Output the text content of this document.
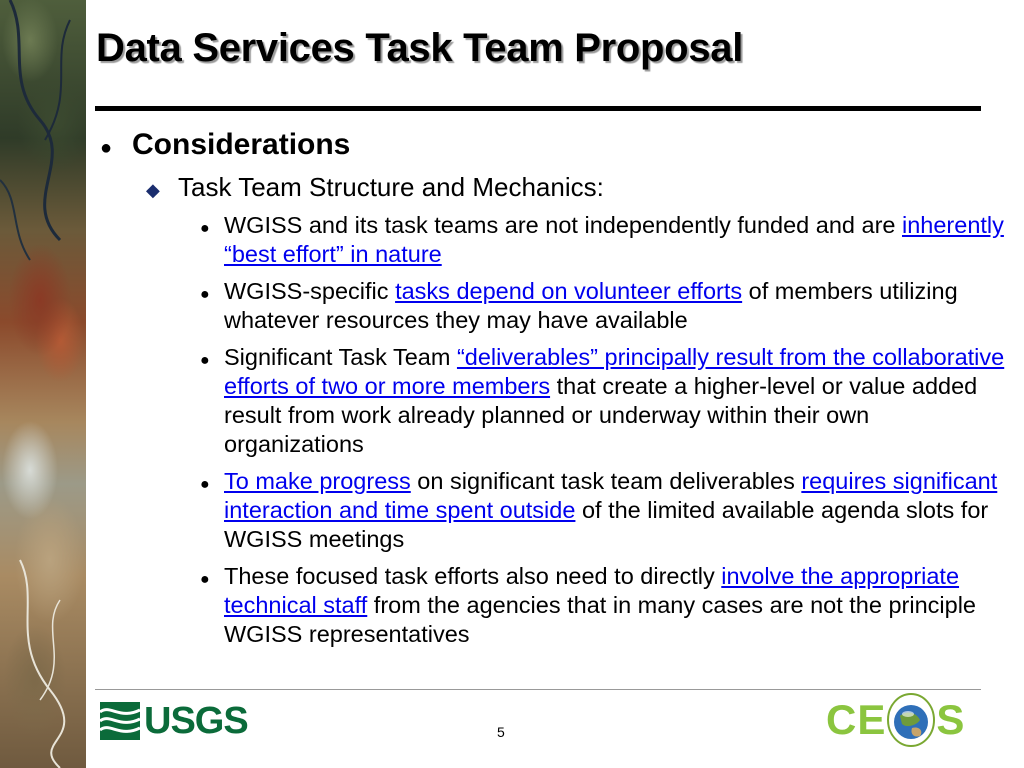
Data Services Task Team Proposal
● Considerations
◆ Task Team Structure and Mechanics:
● WGISS and its task teams are not independently funded and are inherently “best effort” in nature
● WGISS-specific tasks depend on volunteer efforts of members utilizing whatever resources they may have available
● Significant Task Team “deliverables” principally result from the collaborative efforts of two or more members that create a higher-level or value added result from work already planned or underway within their own organizations
● To make progress on significant task team deliverables requires significant interaction and time spent outside of the limited available agenda slots for WGISS meetings
● These focused task efforts also need to directly involve the appropriate technical staff from the agencies that in many cases are not the principle WGISS representatives
USGS	5	CE S
